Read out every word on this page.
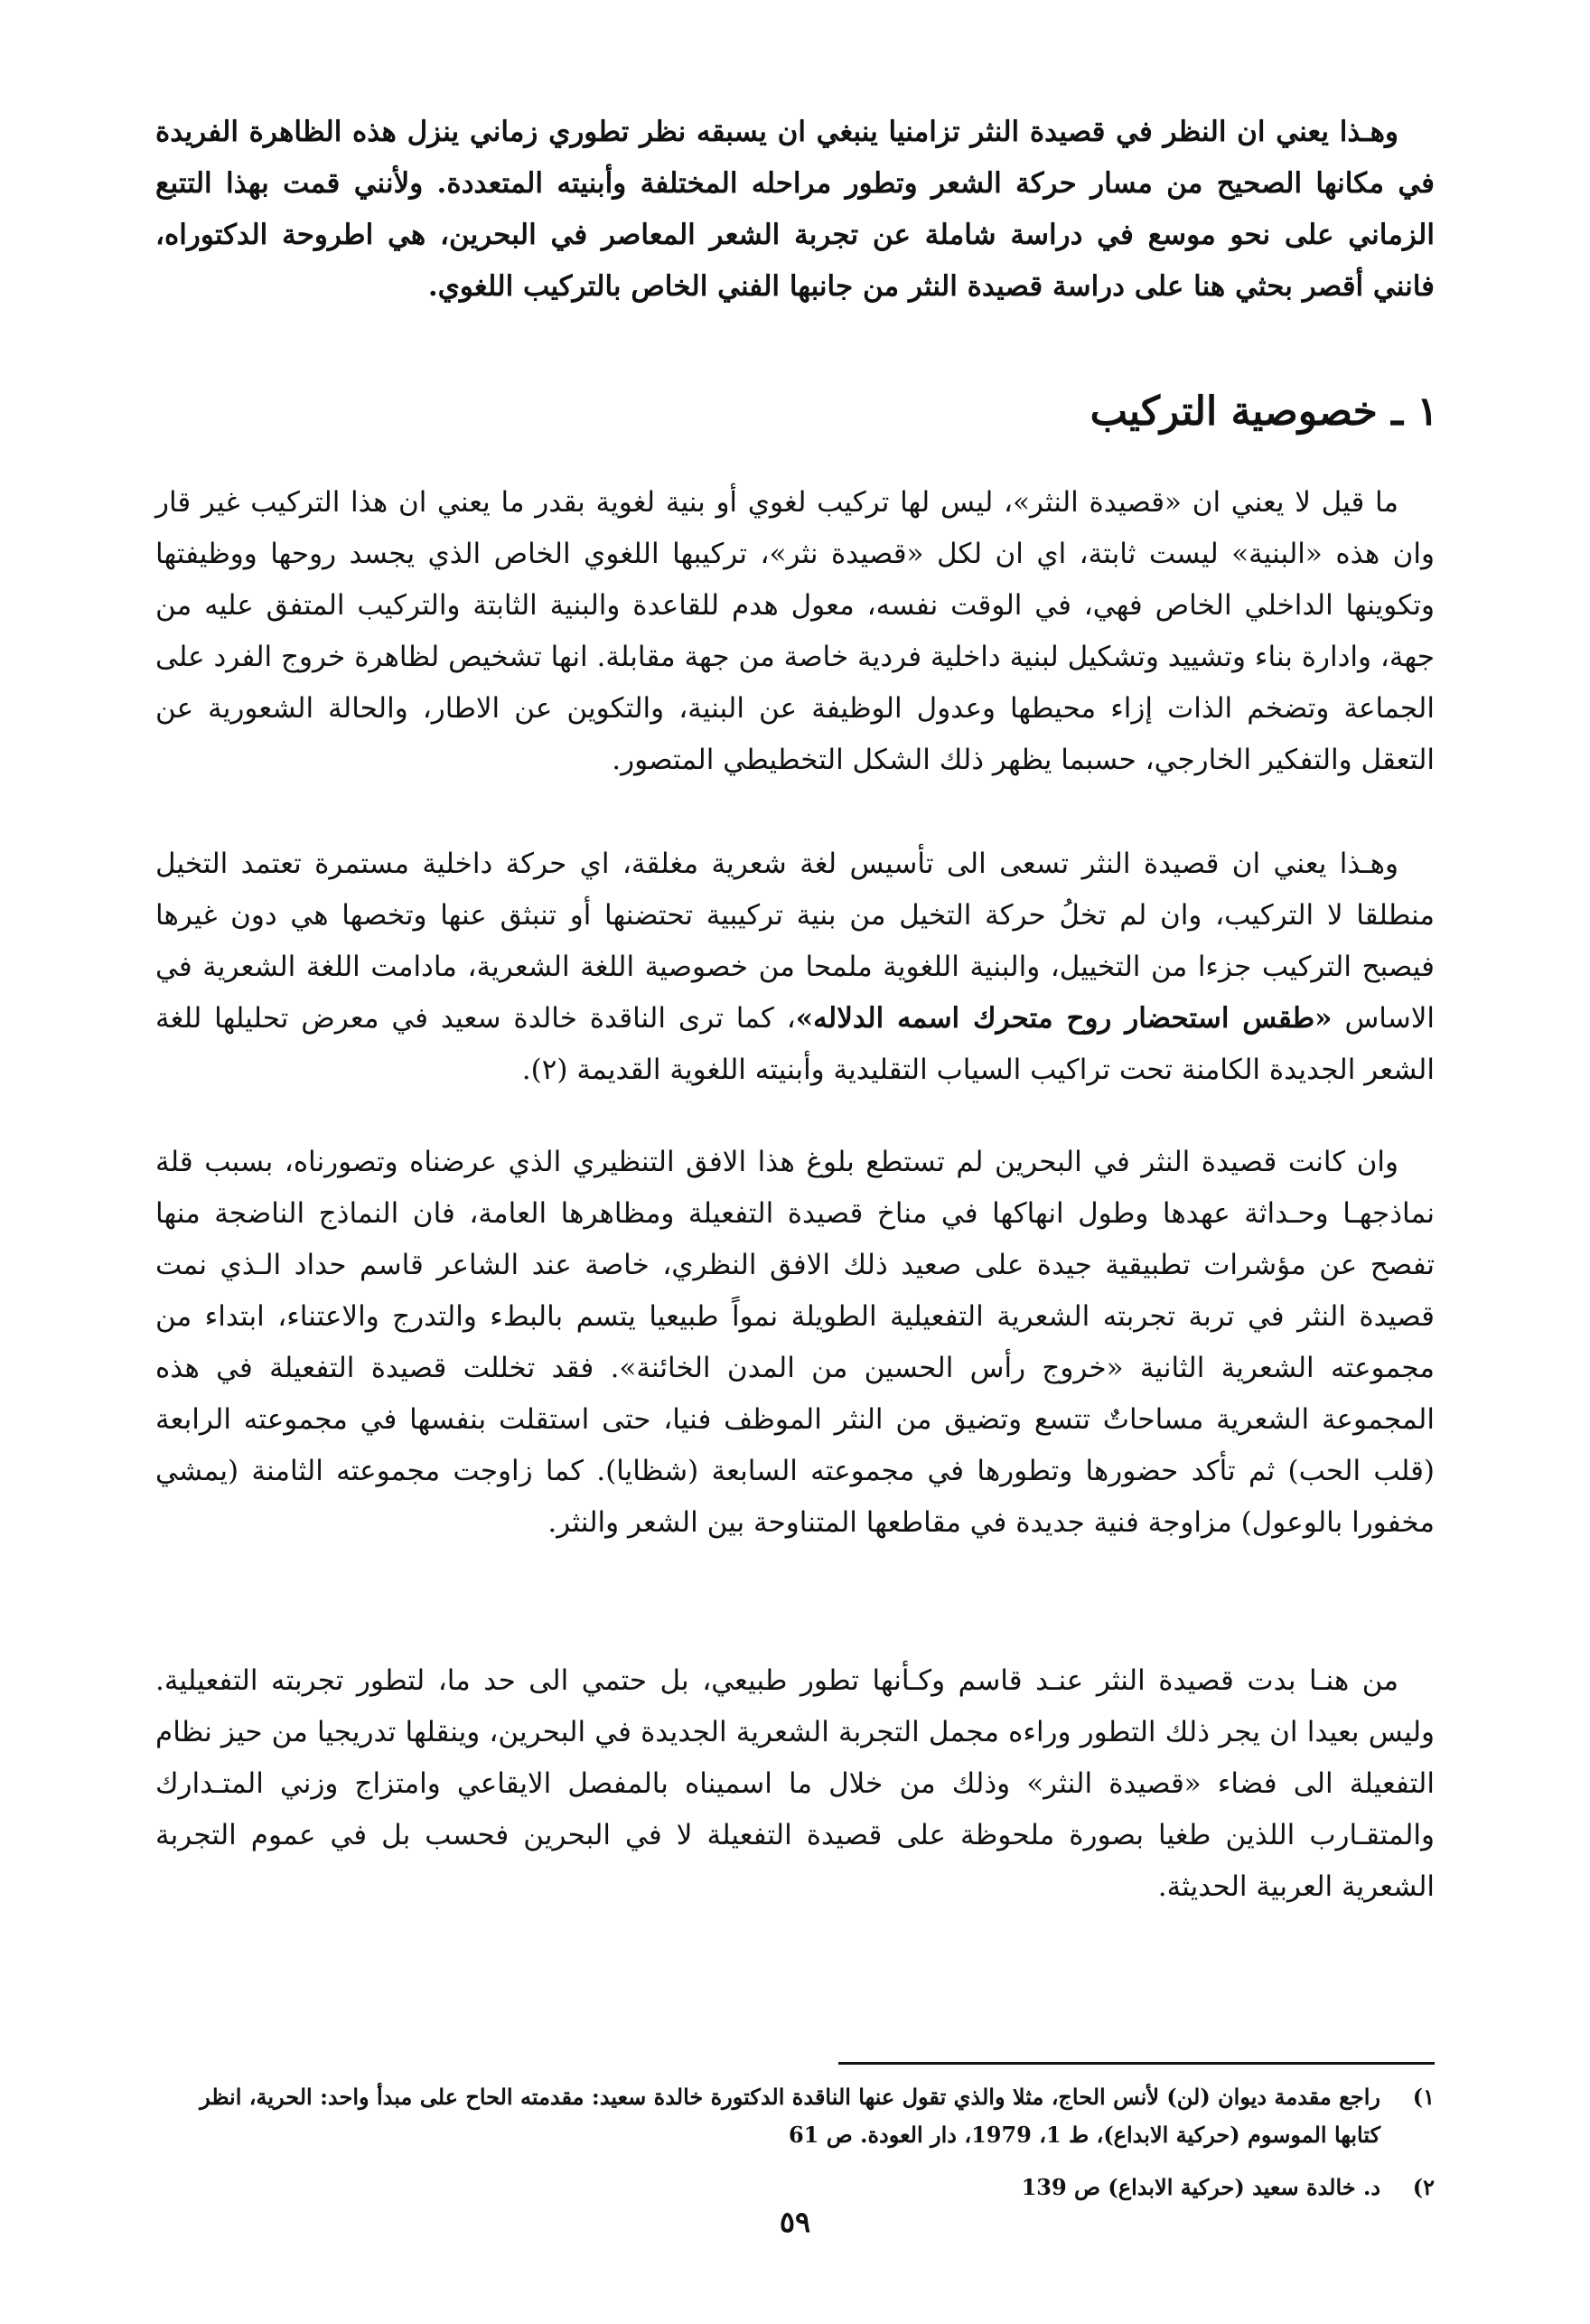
وهـذا يعني ان النظر في قصيدة النثر تزامنيا ينبغي ان يسبقه نظر تطوري زماني ينزل هذه الظاهرة الفريدة في مكانها الصحيح من مسار حركة الشعر وتطور مراحله المختلفة وأبنيته المتعددة. ولأنني قمت بهذا التتبع الزماني على نحو موسع في دراسة شاملة عن تجربة الشعر المعاصر في البحرين، هي اطروحة الدكتوراه، فانني أقصر بحثي هنا على دراسة قصيدة النثر من جانبها الفني الخاص بالتركيب اللغوي.

١ ـ خصوصية التركيب

ما قيل لا يعني ان «قصيدة النثر»، ليس لها تركيب لغوي أو بنية لغوية بقدر ما يعني ان هذا التركيب غير قار وان هذه «البنية» ليست ثابتة، اي ان لكل «قصيدة نثر»، تركيبها اللغوي الخاص الذي يجسد روحها ووظيفتها وتكوينها الداخلي الخاص فهي، في الوقت نفسه، معول هدم للقاعدة والبنية الثابتة والتركيب المتفق عليه من جهة، وادارة بناء وتشييد وتشكيل لبنية داخلية فردية خاصة من جهة مقابلة. انها تشخيص لظاهرة خروج الفرد على الجماعة وتضخم الذات إزاء محيطها وعدول الوظيفة عن البنية، والتكوين عن الاطار، والحالة الشعورية عن التعقل والتفكير الخارجي، حسبما يظهر ذلك الشكل التخطيطي المتصور.

وهـذا يعني ان قصيدة النثر تسعى الى تأسيس لغة شعرية مغلقة، اي حركة داخلية مستمرة تعتمد التخيل منطلقا لا التركيب، وان لم تخلُ حركة التخيل من بنية تركيبية تحتضنها أو تنبثق عنها وتخصها هي دون غيرها فيصبح التركيب جزءا من التخييل، والبنية اللغوية ملمحا من خصوصية اللغة الشعرية، مادامت اللغة الشعرية في الاساس «طقس استحضار روح متحرك اسمه الدلاله»، كما ترى الناقدة خالدة سعيد في معرض تحليلها للغة الشعر الجديدة الكامنة تحت تراكيب السياب التقليدية وأبنيته اللغوية القديمة (٢).

وان كانت قصيدة النثر في البحرين لم تستطع بلوغ هذا الافق التنظيري الذي عرضناه وتصورناه، بسبب قلة نماذجهـا وحـداثة عهدها وطول انهاكها في مناخ قصيدة التفعيلة ومظاهرها العامة، فان النماذج الناضجة منها تفصح عن مؤشرات تطبيقية جيدة على صعيد ذلك الافق النظري، خاصة عند الشاعر قاسم حداد الـذي نمت قصيدة النثر في تربة تجربته الشعرية التفعيلية الطويلة نمواً طبيعيا يتسم بالبطء والتدرج والاعتناء، ابتداء من مجموعته الشعرية الثانية «خروج رأس الحسين من المدن الخائنة». فقد تخللت قصيدة التفعيلة في هذه المجموعة الشعرية مساحاتٌ تتسع وتضيق من النثر الموظف فنيا، حتى استقلت بنفسها في مجموعته الرابعة (قلب الحب) ثم تأكد حضورها وتطورها في مجموعته السابعة (شظايا). كما زاوجت مجموعته الثامنة (يمشي مخفورا بالوعول) مزاوجة فنية جديدة في مقاطعها المتناوحة بين الشعر والنثر.

من هنـا بدت قصيدة النثر عنـد قاسم وكـأنها تطور طبيعي، بل حتمي الى حد ما، لتطور تجربته التفعيلية. وليس بعيدا ان يجر ذلك التطور وراءه مجمل التجربة الشعرية الجديدة في البحرين، وينقلها تدريجيا من حيز نظام التفعيلة الى فضاء «قصيدة النثر» وذلك من خلال ما اسميناه بالمفصل الايقاعي وامتزاج وزني المتـدارك والمتقـارب اللذين طغيا بصورة ملحوظة على قصيدة التفعيلة لا في البحرين فحسب بل في عموم التجربة الشعرية العربية الحديثة.

١)
راجع مقدمة ديوان (لن) لأنس الحاج، مثلا والذي تقول عنها الناقدة الدكتورة خالدة سعيد: مقدمته الحاح على مبدأ واحد: الحرية، انظر كتابها الموسوم (حركية الابداع)، ط 1، 1979، دار العودة. ص 61
٢)
د. خالدة سعيد (حركية الابداع) ص 139
٥٩
